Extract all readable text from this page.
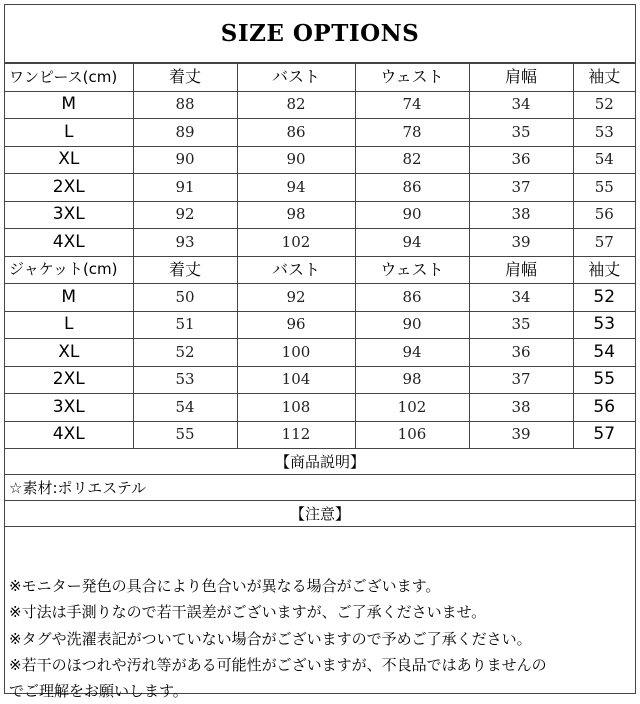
SIZE OPTIONS
ワンピース(cm)	着丈	バスト	ウェスト	肩幅	袖丈
M	88	82	74	34	52
L	89	86	78	35	53
XL	90	90	82	36	54
2XL	91	94	86	37	55
3XL	92	98	90	38	56
4XL	93	102	94	39	57
ジャケット(cm)	着丈	バスト	ウェスト	肩幅	袖丈
M	50	92	86	34	52
L	51	96	90	35	53
XL	52	100	94	36	54
2XL	53	104	98	37	55
3XL	54	108	102	38	56
4XL	55	112	106	39	57
【商品説明】
☆素材:ポリエステル
【注意】
※モニター発色の具合により色合いが異なる場合がございます。
※寸法は手測りなので若干誤差がございますが、ご了承くださいませ。
※タグや洗濯表記がついていない場合がございますので予めご了承ください。
※若干のほつれや汚れ等がある可能性がございますが、不良品ではありませんの
でご理解をお願いします。
